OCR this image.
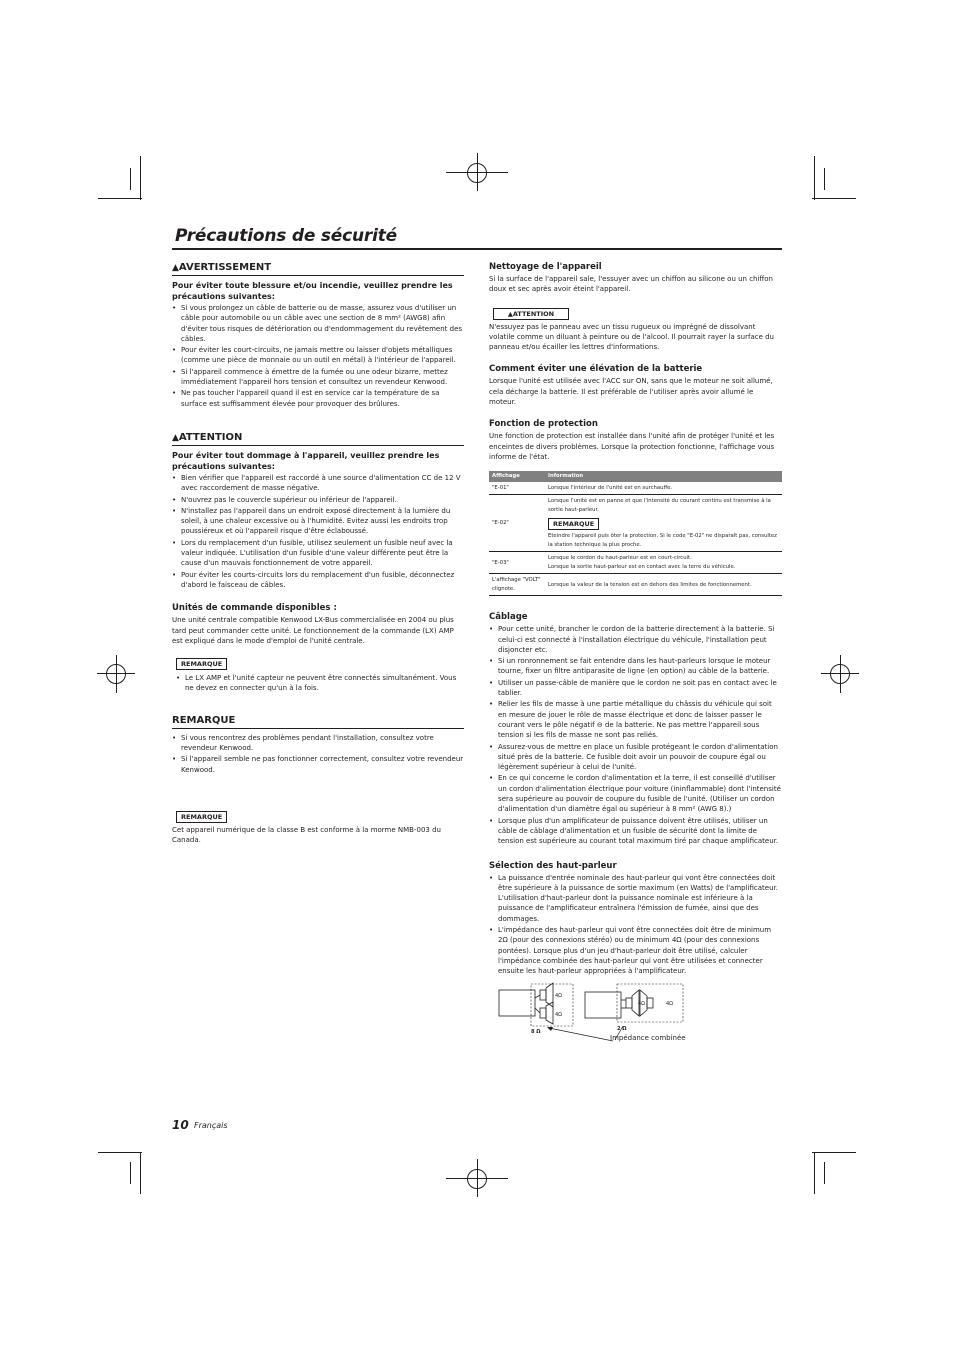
Précautions de sécurité
▲AVERTISSEMENT

Pour éviter toute blessure et/ou incendie, veuillez prendre les précautions suivantes:

• Si vous prolongez un câble de batterie ou de masse, assurez vous d'utiliser un câble pour automobile ou un câble avec une section de 8 mm² (AWG8) afin d'éviter tous risques de détérioration ou d'endommagement du revêtement des câbles.
• Pour éviter les court-circuits, ne jamais mettre ou laisser d'objets métalliques (comme une pièce de monnaie ou un outil en métal) à l'intérieur de l'appareil.
• Si l'appareil commence à émettre de la fumée ou une odeur bizarre, mettez immédiatement l'appareil hors tension et consultez un revendeur Kenwood.
• Ne pas toucher l'appareil quand il est en service car la température de sa surface est suffisamment élevée pour provoquer des brûlures.
▲ATTENTION

Pour éviter tout dommage à l'appareil, veuillez prendre les précautions suivantes:

• Bien vérifier que l'appareil est raccordé à une source d'alimentation CC de 12 V avec raccordement de masse négative.
• N'ouvrez pas le couvercle supérieur ou inférieur de l'appareil.
• N'installez pas l'appareil dans un endroit exposé directement à la lumière du soleil, à une chaleur excessive ou à l'humidité. Evitez aussi les endroits trop poussiéreux et où l'appareil risque d'être éclaboussé.
• Lors du remplacement d'un fusible, utilisez seulement un fusible neuf avec la valeur indiquée. L'utilisation d'un fusible d'une valeur différente peut être la cause d'un mauvais fonctionnement de votre appareil.
• Pour éviter les courts-circuits lors du remplacement d'un fusible, déconnectez d'abord le faisceau de câbles.

Unités de commande disponibles :

Une unité centrale compatible Kenwood LX-Bus commercialisée en 2004 ou plus tard peut commander cette unité. Le fonctionnement de la commande (LX) AMP est expliqué dans le mode d'emploi de l'unité centrale.

REMARQUE
• Le LX AMP et l'unité capteur ne peuvent être connectés simultanément. Vous ne devez en connecter qu'un à la fois.
REMARQUE
• Si vous rencontrez des problèmes pendant l'installation, consultez votre revendeur Kenwood.
• Si l'appareil semble ne pas fonctionner correctement, consultez votre revendeur Kenwood.
REMARQUE

Cet appareil numérique de la classe B est conforme à la morme NMB-003 du Canada.

Nettoyage de l'appareil

Si la surface de l'appareil sale, l'essuyer avec un chiffon au silicone ou un chiffon doux et sec après avoir éteint l'appareil.

▲ATTENTION

N'essuyez pas le panneau avec un tissu rugueux ou imprégné de dissolvant volatile comme un diluant à peinture ou de l'alcool. Il pourrait rayer la surface du panneau et/ou écailler les lettres d'informations.

Comment éviter une élévation de la batterie

Lorsque l'unité est utilisée avec l'ACC sur ON, sans que le moteur ne soit allumé, cela décharge la batterie. Il est préférable de l'utiliser après avoir allumé le moteur.

Fonction de protection

Une fonction de protection est installée dans l'unité afin de protéger l'unité et les enceintes de divers problèmes. Lorsque la protection fonctionne, l'affichage vous informe de l'état.

Affichage	Information
"E-01"	Lorsque l'intérieur de l'unité est en surchauffe.
"E-02"	Lorsque l'unité est en panne et que l'intensité du courant continu est transmise à la sortie haut-parleur.
REMARQUE
Eteindre l'appareil puis ôter la protection. Si le code "E-02" ne disparaît pas, consultez la station technique la plus proche.

"E-03"	Lorsque le cordon du haut-parleur est en court-circuit.
Lorsque la sortie haut-parleur est en contact avec la terre du véhicule.

L'affichage "VOLT" clignote.	Lorsque la valeur de la tension est en dehors des limites de fonctionnement.

Câblage

• Pour cette unité, brancher le cordon de la batterie directement à la batterie. Si celui-ci est connecté à l'installation électrique du véhicule, l'installation peut disjoncter etc.
• Si un ronronnement se fait entendre dans les haut-parleurs lorsque le moteur tourne, fixer un filtre antiparasite de ligne (en option) au câble de la batterie.
• Utiliser un passe-câble de manière que le cordon ne soit pas en contact avec le tablier.
• Relier les fils de masse à une partie métallique du châssis du véhicule qui soit en mesure de jouer le rôle de masse électrique et donc de laisser passer le courant vers le pôle négatif ⊖ de la batterie. Ne pas mettre l'appareil sous tension si les fils de masse ne sont pas reliés.
• Assurez-vous de mettre en place un fusible protégeant le cordon d'alimentation situé près de la batterie. Ce fusible doit avoir un pouvoir de coupure égal ou légèrement supérieur à celui de l'unité.
• En ce qui concerne le cordon d'alimentation et la terre, il est conseillé d'utiliser un cordon d'alimentation électrique pour voiture (ininflammable) dont l'intensité sera supérieure au pouvoir de coupure du fusible de l'unité. (Utiliser un cordon d'alimentation d'un diamètre égal ou supérieur à 8 mm² (AWG 8).)
• Lorsque plus d'un amplificateur de puissance doivent être utilisés, utiliser un câble de câblage d'alimentation et un fusible de sécurité dont la limite de tension est supérieure au courant total maximum tiré par chaque amplificateur.

Sélection des haut-parleur

• La puissance d'entrée nominale des haut-parleur qui vont être connectées doit être supérieure à la puissance de sortie maximum (en Watts) de l'amplificateur. L'utilisation d'haut-parleur dont la puissance nominale est inférieure à la puissance de l'amplificateur entraînera l'émission de fumée, ainsi que des dommages.
• L'impédance des haut-parleur qui vont être connectées doit être de minimum 2Ω (pour des connexions stéréo) ou de minimum 4Ω (pour des connexions pontées). Lorsque plus d'un jeu d'haut-parleur doit être utilisé, calculer l'impédance combinée des haut-parleur qui vont être utilisées et connecter ensuite les haut-parleur appropriées à l'amplificateur.
4Ω
4Ω
8 Ω
4Ω	4Ω
2 Ω
Impédance combinée
10 Français
